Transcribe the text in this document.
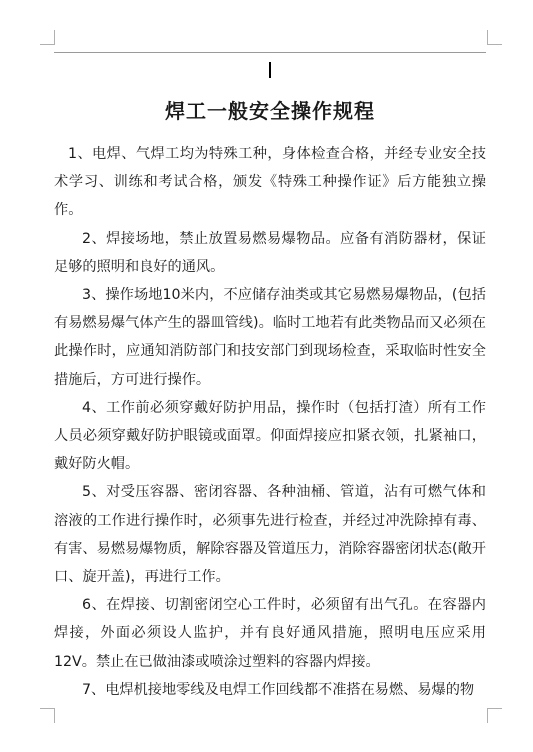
焊工一般安全操作规程

1、电焊、气焊工均为特殊工种，身体检查合格，并经专业安全技术学习、训练和考试合格，颁发《特殊工种操作证》后方能独立操作。

2、焊接场地，禁止放置易燃易爆物品。应备有消防器材，保证足够的照明和良好的通风。

3、操作场地10米内，不应储存油类或其它易燃易爆物品，(包括有易燃易爆气体产生的器皿管线)。临时工地若有此类物品而又必须在此操作时，应通知消防部门和技安部门到现场检查，采取临时性安全措施后，方可进行操作。

4、工作前必须穿戴好防护用品，操作时（包括打渣）所有工作人员必须穿戴好防护眼镜或面罩。仰面焊接应扣紧衣领，扎紧袖口，戴好防火帽。

5、对受压容器、密闭容器、各种油桶、管道，沾有可燃气体和溶液的工作进行操作时，必须事先进行检查，并经过冲洗除掉有毒、有害、易燃易爆物质，解除容器及管道压力，消除容器密闭状态(敞开口、旋开盖)，再进行工作。

6、在焊接、切割密闭空心工件时，必须留有出气孔。在容器内焊接，外面必须设人监护，并有良好通风措施，照明电压应采用12V。禁止在已做油漆或喷涂过塑料的容器内焊接。

7、电焊机接地零线及电焊工作回线都不准搭在易燃、易爆的物
